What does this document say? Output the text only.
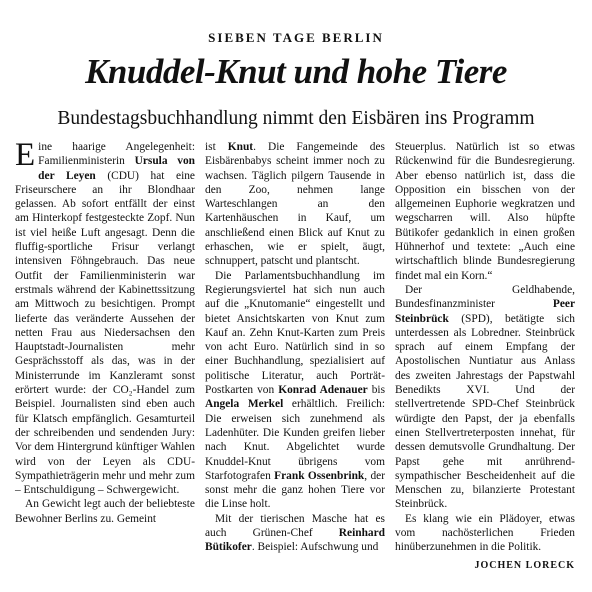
SIEBEN TAGE BERLIN
Knuddel-Knut und hohe Tiere
Bundestagsbuchhandlung nimmt den Eisbären ins Programm

Eine haarige Angelegenheit: Familienministerin Ursula von der Leyen (CDU) hat eine Friseurschere an ihr Blondhaar gelassen. Ab sofort entfällt der einst am Hinterkopf festgesteckte Zopf. Nun ist viel heiße Luft angesagt. Denn die fluffig-sportliche Frisur verlangt intensiven Föhngebrauch. Das neue Outfit der Familienministerin war erstmals während der Kabinettssitzung am Mittwoch zu besichtigen. Prompt lieferte das veränderte Aussehen der netten Frau aus Niedersachsen den Hauptstadt-Journalisten mehr Gesprächsstoff als das, was in der Ministerrunde im Kanzleramt sonst erörtert wurde: der CO₂-Handel zum Beispiel. Journalisten sind eben auch für Klatsch empfänglich. Gesamturteil der schreibenden und sendenden Jury: Vor dem Hintergrund künftiger Wahlen wird von der Leyen als CDU-Sympathieträgerin mehr und mehr zum – Entschuldigung – Schwergewicht.

An Gewicht legt auch der beliebteste Bewohner Berlins zu. Gemeint

ist Knut. Die Fangemeinde des Eisbärenbabys scheint immer noch zu wachsen. Täglich pilgern Tausende in den Zoo, nehmen lange Warteschlangen an den Kartenhäuschen in Kauf, um anschließend einen Blick auf Knut zu erhaschen, wie er spielt, äugt, schnuppert, patscht und plantscht.

Die Parlamentsbuchhandlung im Regierungsviertel hat sich nun auch auf die „Knutomanie“ eingestellt und bietet Ansichtskarten von Knut zum Kauf an. Zehn Knut-Karten zum Preis von acht Euro. Natürlich sind in so einer Buchhandlung, spezialisiert auf politische Literatur, auch Porträt-Postkarten von Konrad Adenauer bis Angela Merkel erhältlich. Freilich: Die erweisen sich zunehmend als Ladenhüter. Die Kunden greifen lieber nach Knut. Abgelichtet wurde Knuddel-Knut übrigens vom Starfotografen Frank Ossenbrink, der sonst mehr die ganz hohen Tiere vor die Linse holt.

Mit der tierischen Masche hat es auch Grünen-Chef Reinhard Bütikofer. Beispiel: Aufschwung und

Steuerplus. Natürlich ist so etwas Rückenwind für die Bundesregierung. Aber ebenso natürlich ist, dass die Opposition ein bisschen von der allgemeinen Euphorie wegkratzen und wegscharren will. Also hüpfte Bütikofer gedanklich in einen großen Hühnerhof und textete: „Auch eine wirtschaftlich blinde Bundesregierung findet mal ein Korn.“

Der Geldhabende, Bundesfinanzminister Peer Steinbrück (SPD), betätigte sich unterdessen als Lobredner. Steinbrück sprach auf einem Empfang der Apostolischen Nuntiatur aus Anlass des zweiten Jahrestags der Papstwahl Benedikts XVI. Und der stellvertretende SPD-Chef Steinbrück würdigte den Papst, der ja ebenfalls einen Stellvertreterposten innehat, für dessen demutsvolle Grundhaltung. Der Papst gehe mit anrührend-sympathischer Bescheidenheit auf die Menschen zu, bilanzierte Protestant Steinbrück.

Es klang wie ein Plädoyer, etwas vom nachösterlichen Frieden hinüberzunehmen in die Politik.

JOCHEN LORECK
